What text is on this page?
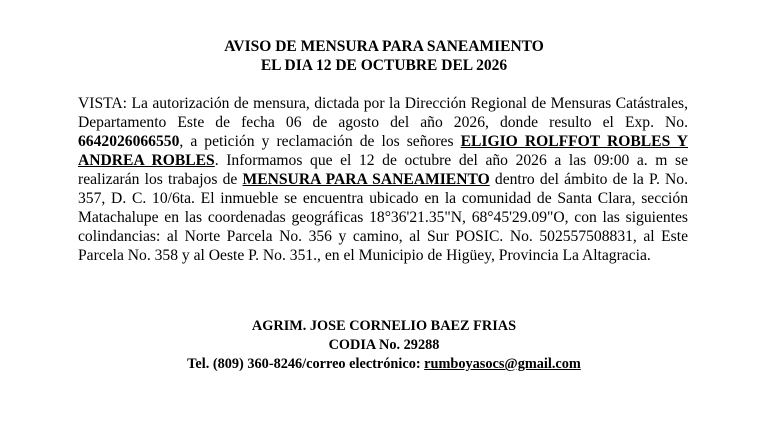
AVISO DE MENSURA PARA SANEAMIENTO
EL DIA 12 DE OCTUBRE DEL 2026
VISTA: La autorización de mensura, dictada por la Dirección Regional de Mensuras Catástrales, Departamento Este de fecha 06 de agosto del año 2026, donde resulto el Exp. No. 6642026066550, a petición y reclamación de los señores ELIGIO ROLFFOT ROBLES Y ANDREA ROBLES. Informamos que el 12 de octubre del año 2026 a las 09:00 a. m se realizarán los trabajos de MENSURA PARA SANEAMIENTO dentro del ámbito de la P. No. 357, D. C. 10/6ta. El inmueble se encuentra ubicado en la comunidad de Santa Clara, sección Matachalupe en las coordenadas geográficas 18°36'21.35"N, 68°45'29.09"O, con las siguientes colindancias: al Norte Parcela No. 356 y camino, al Sur POSIC. No. 502557508831, al Este Parcela No. 358 y al Oeste P. No. 351., en el Municipio de Higüey, Provincia La Altagracia.
AGRIM. JOSE CORNELIO BAEZ FRIAS
CODIA No. 29288
Tel. (809) 360-8246/correo electrónico: rumboyasocs@gmail.com
